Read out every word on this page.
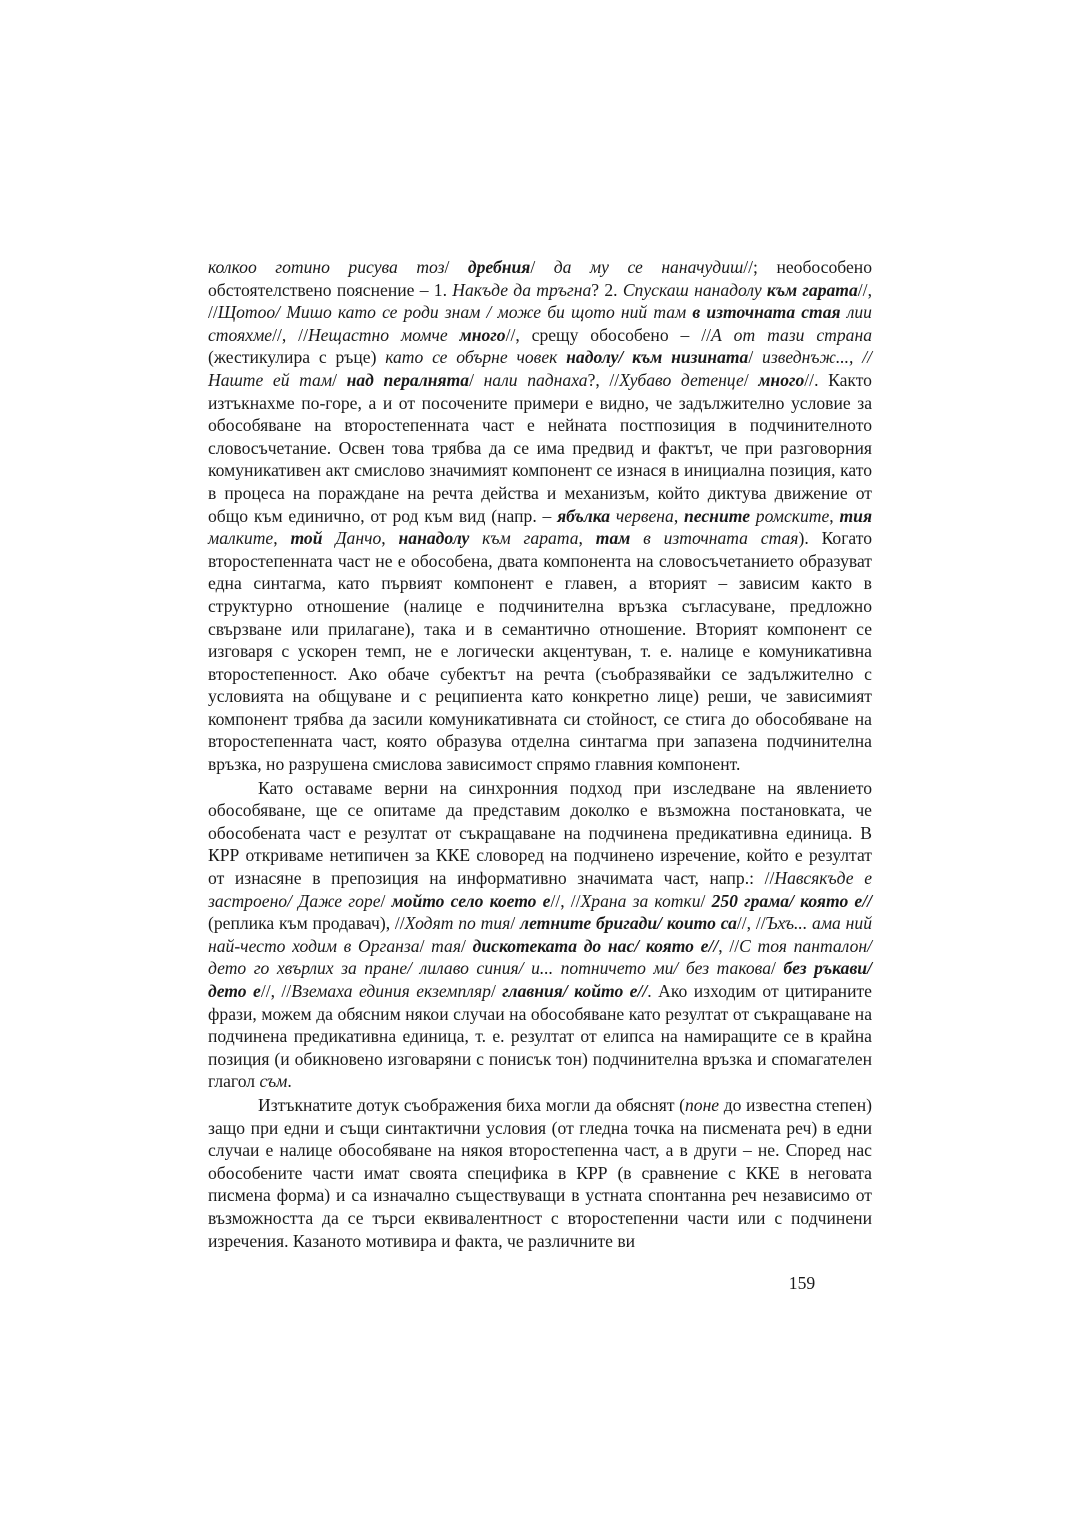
колкоо готино рисува тоз/ дребния/ да му се наначудиш//; необособено обстоятелствено пояснение – 1. Накъде да тръгна? 2. Спускаш нанадолу към гарата//, //Щотоо/ Мишо като се роди знам / може би щото ний там в източната стая лии стояхме//, //Нещастно момче много//, срещу обособено – //А от тази страна (жестикулира с ръце) като се обърне човек надолу/ към низината/ изведнъж..., //Наште ей там/ над пералнята/ нали паднаха?, //Хубаво детенце/ много//. Както изтъкнахме по-горе, а и от посочените примери е видно, че задължително условие за обособяване на второстепенната част е нейната постпозиция в подчинителното словосъчетание. Освен това трябва да се има предвид и фактът, че при разговорния комуникативен акт смислово значимият компонент се изнася в инициална позиция, като в процеса на пораждане на речта действа и механизъм, който диктува движение от общо към единично, от род към вид (напр. – ябълка червена, песните ромските, тия малките, той Данчо, нанадолу към гарата, там в източната стая). Когато второстепенната част не е обособена, двата компонента на словосъчетанието образуват една синтагма, като първият компонент е главен, а вторият – зависим както в структурно отношение (налице е подчинителна връзка съгласуване, предложно свързване или прилагане), така и в семантично отношение. Вторият компонент се изговаря с ускорен темп, не е логически акцентуван, т. е. налице е комуникативна второстепенност. Ако обаче субектът на речта (съобразявайки се задължително с условията на общуване и с реципиента като конкретно лице) реши, че зависимият компонент трябва да засили комуникативната си стойност, се стига до обособяване на второстепенната част, която образува отделна синтагма при запазена подчинителна връзка, но разрушена смислова зависимост спрямо главния компонент.

Като оставаме верни на синхронния подход при изследване на явлението обособяване, ще се опитаме да представим доколко е възможна постановката, че обособената част е резултат от съкращаване на подчинена предикативна единица. В КРР откриваме нетипичен за ККЕ словоред на подчинено изречение, който е резултат от изнасяне в препозиция на информативно значимата част, напр.: //Навсякъде е застроено/ Даже горе/ мойто село което е//, //Храна за котки/ 250 грама/ която е// (реплика към продавач), //Ходят по тия/ летните бригади/ които са//, //Ъхъ... ама ний най-често ходим в Органза/ тая/ дискотеката до нас/ която е//, //С тоя панталон/ дето го хвърлих за пране/ лилаво синия/ и... потничето ми/ без такова/ без ръкави/ дето е//, //Вземаха единия екземпляр/ главния/ който е//. Ако изходим от цитираните фрази, можем да обясним някои случаи на обособяване като резултат от съкращаване на подчинена предикативна единица, т. е. резултат от елипса на намиращите се в крайна позиция (и обикновено изговаряни с понисък тон) подчинителна връзка и спомагателен глагол съм.

Изтъкнатите дотук съображения биха могли да обяснят (поне до известна степен) защо при едни и същи синтактични условия (от гледна точка на писмената реч) в едни случаи е налице обособяване на някоя второстепенна част, а в други – не. Според нас обособените части имат своята специфика в КРР (в сравнение с ККЕ в неговата писмена форма) и са изначално съществуващи в устната спонтанна реч независимо от възможността да се търси еквивалентност с второстепенни части или с подчинени изречения. Казаното мотивира и факта, че различните ви

159
